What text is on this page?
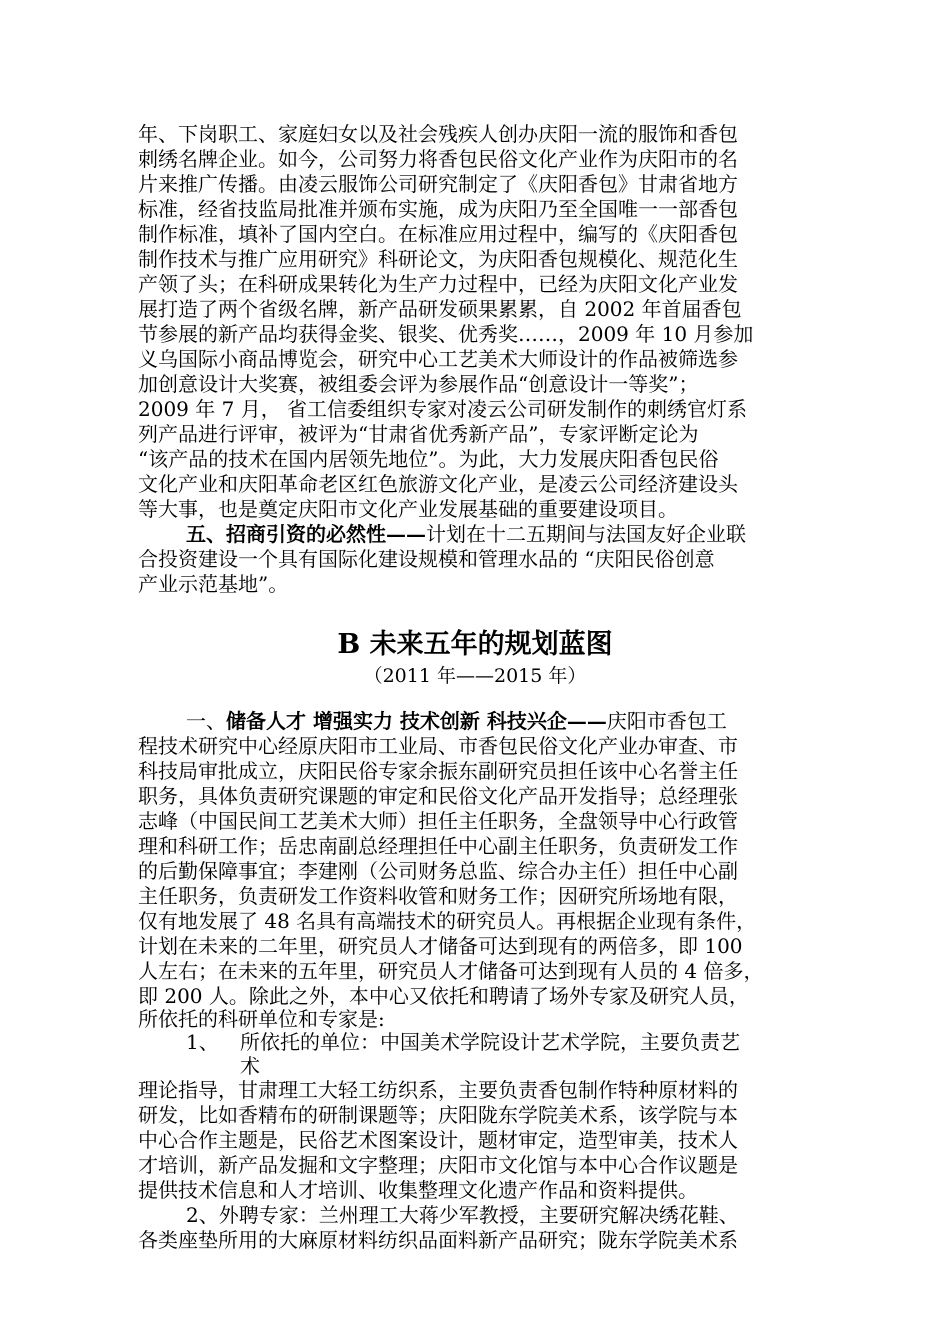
年、下岗职工、家庭妇女以及社会残疾人创办庆阳一流的服饰和香包
刺绣名牌企业。如今，公司努力将香包民俗文化产业作为庆阳市的名
片来推广传播。由凌云服饰公司研究制定了《庆阳香包》甘肃省地方
标准，经省技监局批准并颁布实施，成为庆阳乃至全国唯一一部香包
制作标准，填补了国内空白。在标准应用过程中，编写的《庆阳香包
制作技术与推广应用研究》科研论文，为庆阳香包规模化、规范化生
产领了头；在科研成果转化为生产力过程中，已经为庆阳文化产业发
展打造了两个省级名牌，新产品研发硕果累累，自 2002 年首届香包
节参展的新产品均获得金奖、银奖、优秀奖……，2009 年 10 月参加
义乌国际小商品博览会，研究中心工艺美术大师设计的作品被筛选参
加创意设计大奖赛，被组委会评为参展作品“创意设计一等奖”；
2009 年 7 月， 省工信委组织专家对凌云公司研发制作的刺绣官灯系
列产品进行评审，被评为“甘肃省优秀新产品”，专家评断定论为
“该产品的技术在国内居领先地位”。为此，大力发展庆阳香包民俗
文化产业和庆阳革命老区红色旅游文化产业，是凌云公司经济建设头
等大事，也是奠定庆阳市文化产业发展基础的重要建设项目。
五、招商引资的必然性——计划在十二五期间与法国友好企业联
合投资建设一个具有国际化建设规模和管理水品的 “庆阳民俗创意
产业示范基地”。
B 未来五年的规划蓝图
（2011 年——2015 年）
一、储备人才 增强实力 技术创新 科技兴企——庆阳市香包工
程技术研究中心经原庆阳市工业局、市香包民俗文化产业办审查、市
科技局审批成立，庆阳民俗专家余振东副研究员担任该中心名誉主任
职务，具体负责研究课题的审定和民俗文化产品开发指导；总经理张
志峰（中国民间工艺美术大师）担任主任职务，全盘领导中心行政管
理和科研工作；岳忠南副总经理担任中心副主任职务，负责研发工作
的后勤保障事宜；李建刚（公司财务总监、综合办主任）担任中心副
主任职务，负责研发工作资料收管和财务工作；因研究所场地有限，
仅有地发展了 48 名具有高端技术的研究员人。再根据企业现有条件，
计划在未来的二年里，研究员人才储备可达到现有的两倍多，即 100
人左右；在未来的五年里，研究员人才储备可达到现有人员的 4 倍多，
即 200 人。除此之外，本中心又依托和聘请了场外专家及研究人员，
所依托的科研单位和专家是:
1、	所依托的单位：中国美术学院设计艺术学院，主要负责艺
术
理论指导，甘肃理工大轻工纺织系，主要负责香包制作特种原材料的
研发，比如香精布的研制课题等；庆阳陇东学院美术系，该学院与本
中心合作主题是，民俗艺术图案设计，题材审定，造型审美，技术人
才培训，新产品发掘和文字整理；庆阳市文化馆与本中心合作议题是
提供技术信息和人才培训、收集整理文化遗产作品和资料提供。
2、外聘专家：兰州理工大蒋少军教授，主要研究解决绣花鞋、
各类座垫所用的大麻原材料纺织品面料新产品研究；陇东学院美术系
